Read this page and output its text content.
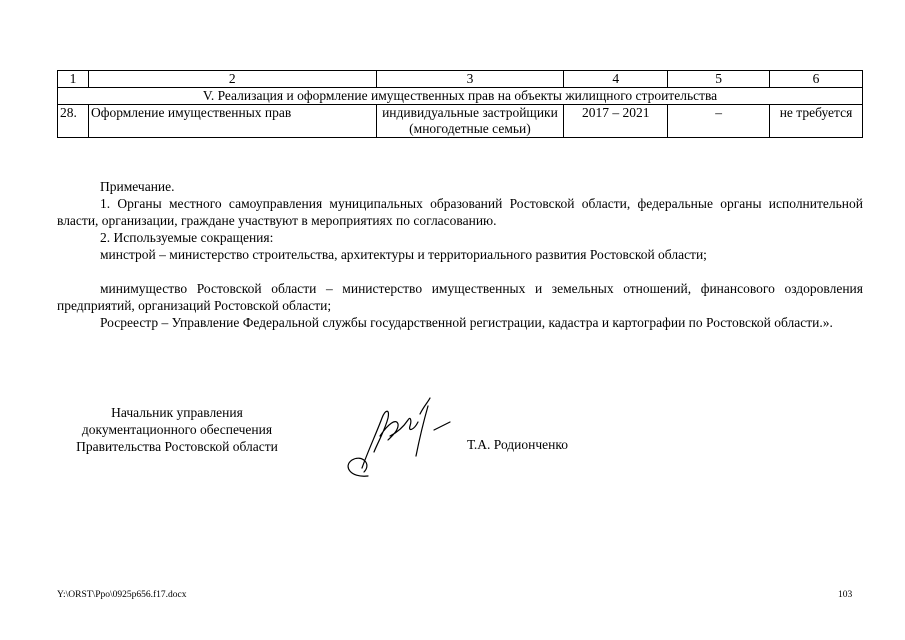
1	2	3	4	5	6
V. Реализация и оформление имущественных прав на объекты жилищного строительства					
28.	Оформление имущественных прав	индивидуальные застройщики (многодетные семьи)	2017 – 2021	–	не требуется
Примечание.
1. Органы местного самоуправления муниципальных образований Ростовской области, федеральные органы исполнительной власти, организации, граждане участвуют в мероприятиях по согласованию.
2. Используемые сокращения:
минстрой – министерство строительства, архитектуры и территориального развития Ростовской области;
минимущество Ростовской области – министерство имущественных и земельных отношений, финансового оздоровления предприятий, организаций Ростовской области;
Росреестр – Управление Федеральной службы государственной регистрации, кадастра и картографии по Ростовской области.».
Начальник управления
документационного обеспечения
Правительства Ростовской области	Т.А. Родионченко
Y:\ORST\Ppo\0925p656.f17.docx	103
